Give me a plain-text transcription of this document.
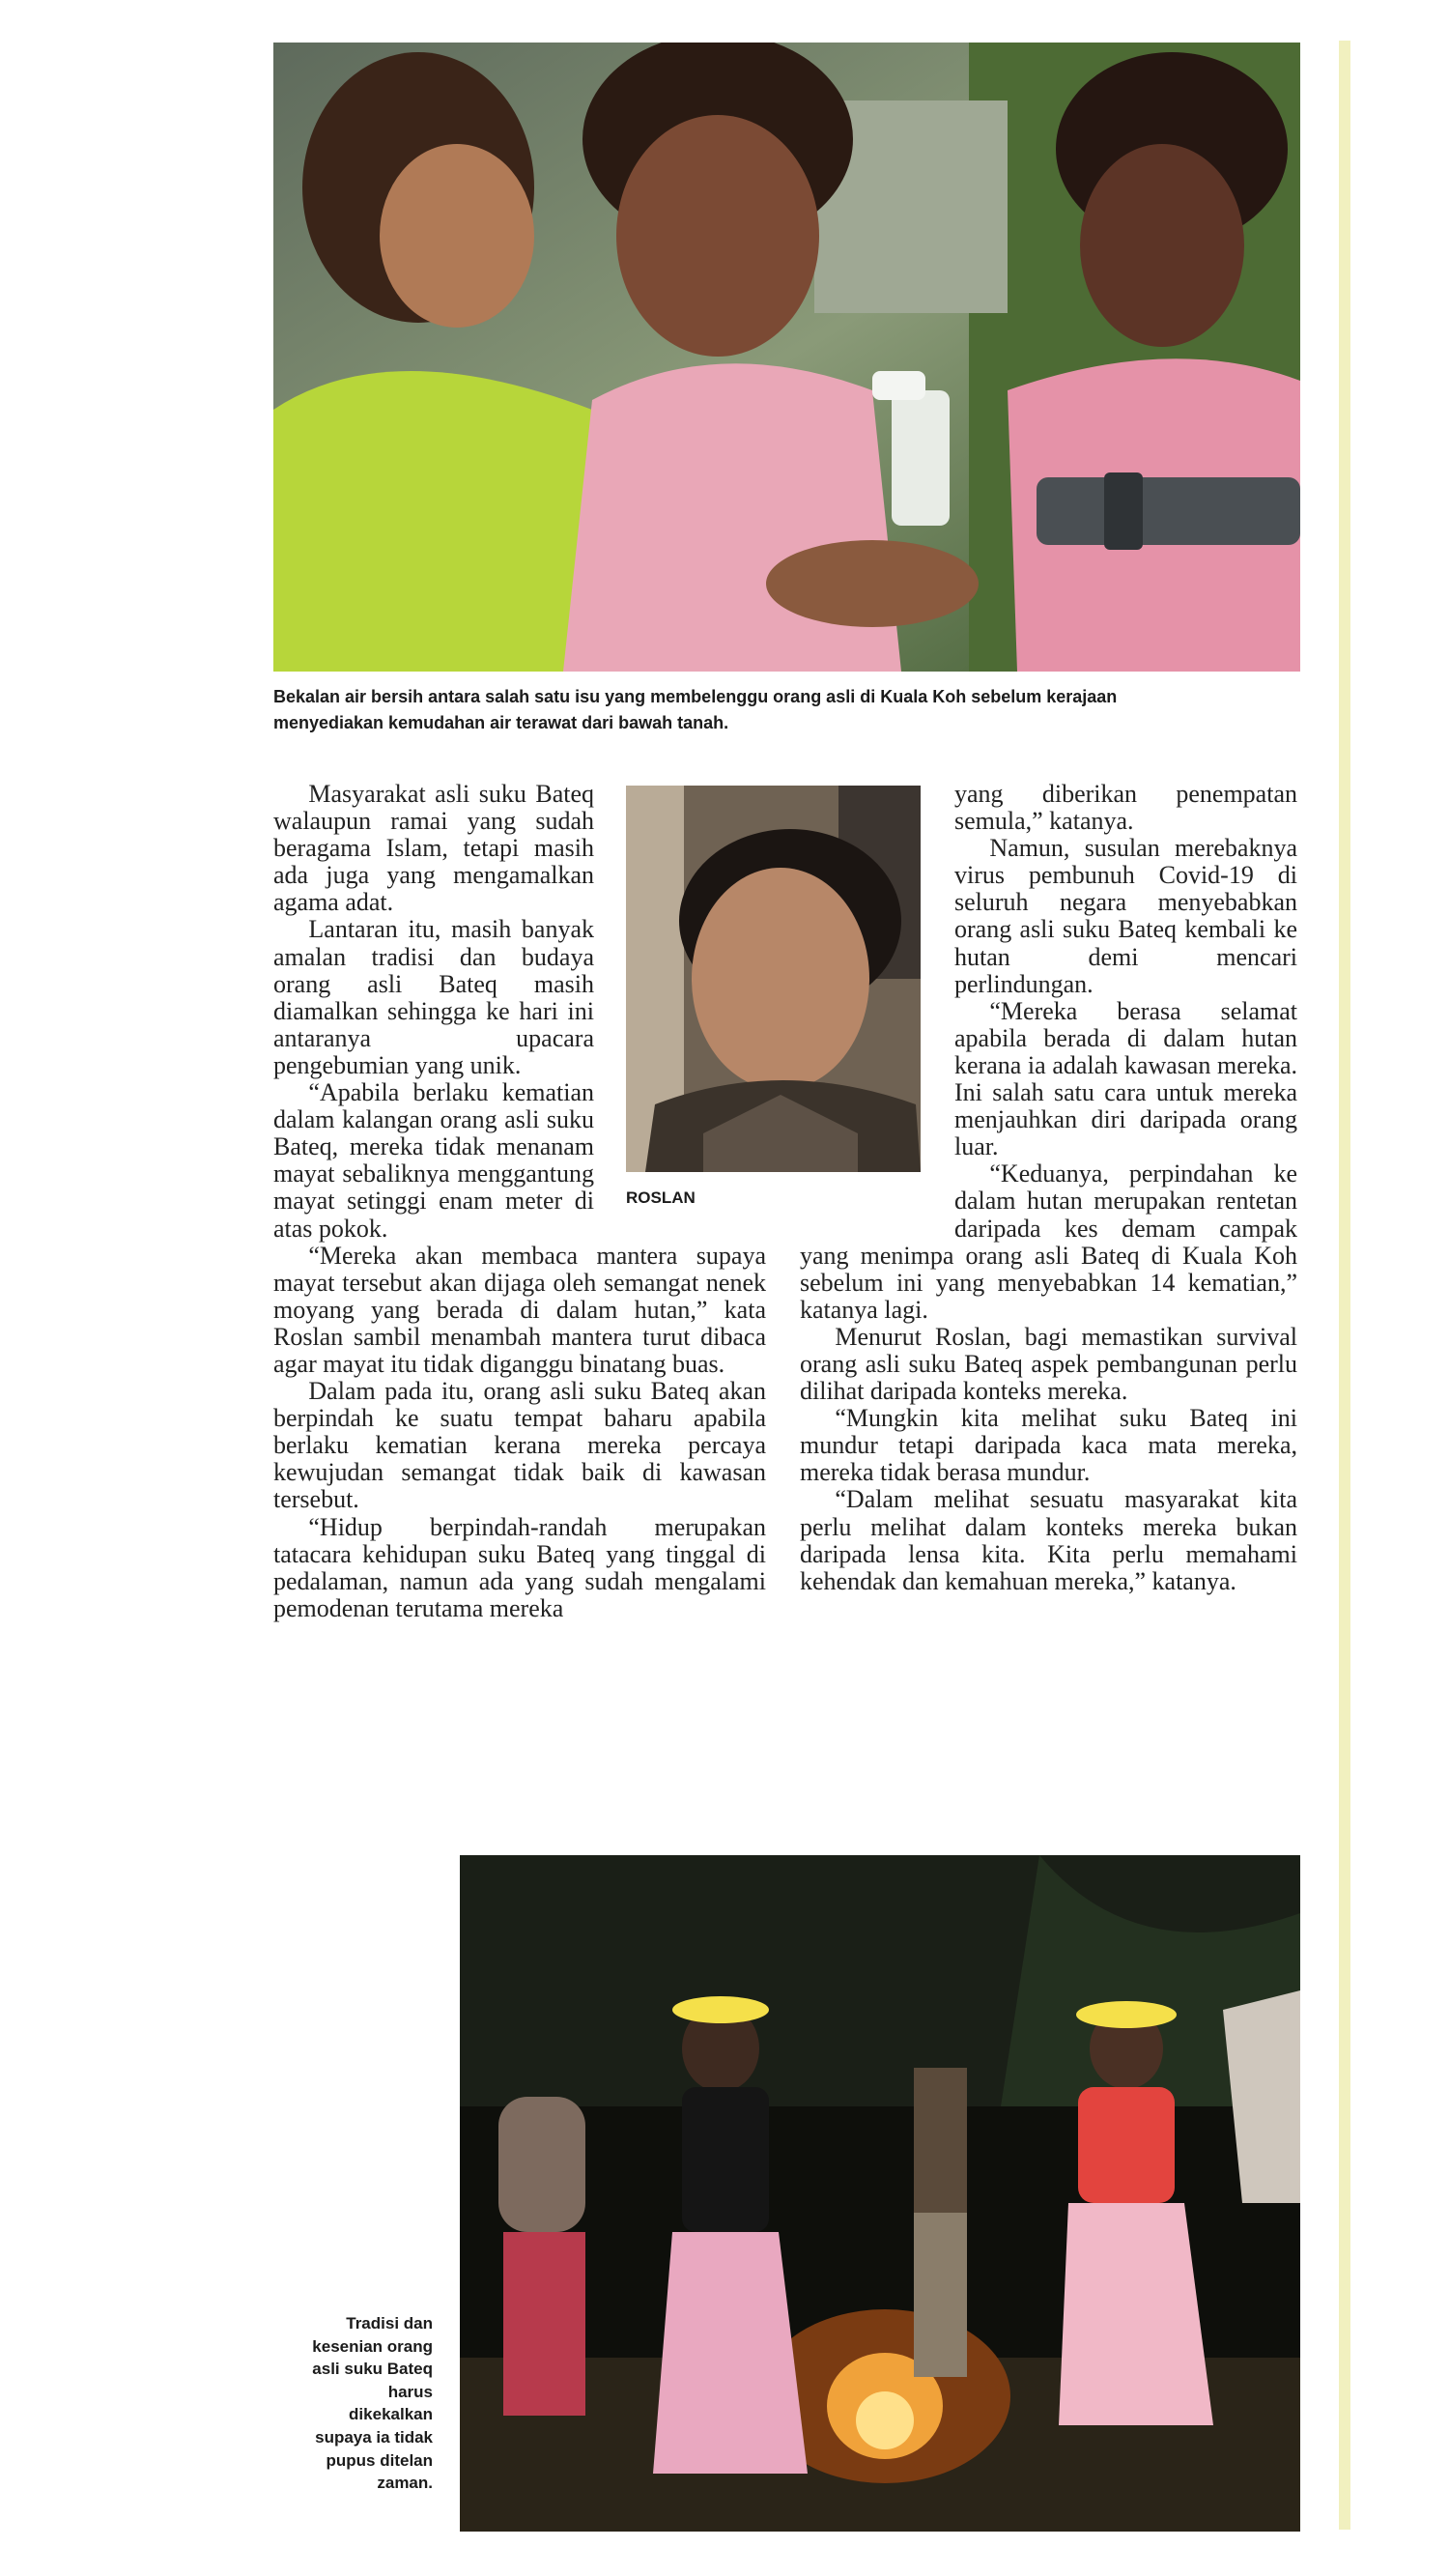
Bekalan air bersih antara salah satu isu yang membelenggu orang asli di Kuala Koh sebelum kerajaan
menyediakan kemudahan air terawat dari bawah tanah.
ROSLAN

Masyarakat asli suku Bateq walaupun ramai yang sudah beragama Islam, tetapi masih ada juga yang mengamalkan agama adat.

Lantaran itu, masih banyak amalan tradisi dan budaya orang asli Bateq masih diamalkan sehingga ke hari ini antaranya upacara pengebumian yang unik.

“Apabila berlaku kematian dalam kalangan orang asli suku Bateq, mereka tidak menanam mayat sebaliknya menggantung mayat setinggi enam meter di atas pokok.

“Mereka akan membaca mantera supaya mayat tersebut akan dijaga oleh semangat nenek moyang yang berada di dalam hutan,” kata Roslan sambil menambah mantera turut dibaca agar mayat itu tidak diganggu binatang buas.

Dalam pada itu, orang asli suku Bateq akan berpindah ke suatu tempat baharu apabila berlaku kematian kerana mereka percaya kewujudan semangat tidak baik di kawasan tersebut.

“Hidup berpindah-randah merupakan tatacara kehidupan suku Bateq yang tinggal di pedalaman, namun ada yang sudah mengalami pemodenan terutama mereka

yang diberikan penempatan semula,” katanya.

Namun, susulan merebaknya virus pembunuh Covid-19 di seluruh negara menyebabkan orang asli suku Bateq kembali ke hutan demi mencari perlindungan.

“Mereka berasa selamat apabila berada di dalam hutan kerana ia adalah kawasan mereka. Ini salah satu cara untuk mereka menjauhkan diri daripada orang luar.

“Keduanya, perpindahan ke dalam hutan merupakan rentetan daripada kes demam campak yang menimpa orang asli Bateq di Kuala Koh sebelum ini yang menyebabkan 14 kematian,” katanya lagi.

Menurut Roslan, bagi memastikan survival orang asli suku Bateq aspek pembangunan perlu dilihat daripada konteks mereka.

“Mungkin kita melihat suku Bateq ini mundur tetapi daripada kaca mata mereka, mereka tidak berasa mundur.

“Dalam melihat sesuatu masyarakat kita perlu melihat dalam konteks mereka bukan daripada lensa kita. Kita perlu memahami kehendak dan kemahuan mereka,” katanya.

Tradisi dan
kesenian orang
asli suku Bateq
harus
dikekalkan
supaya ia tidak
pupus ditelan
zaman.
